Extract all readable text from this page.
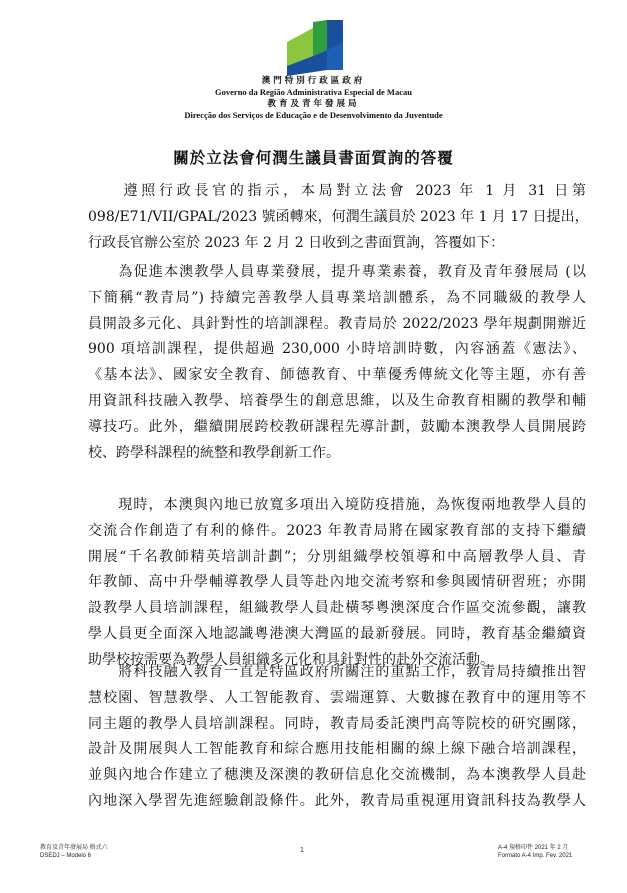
澳門特別行政區政府
Governo da Região Administrativa Especial de Macau
教育及青年發展局
Direcção dos Serviços de Educação e de Desenvolvimento da Juventude
關於立法會何潤生議員書面質詢的答覆
　　遵照行政長官的指示，本局對立法會 2023 年 1 月 31 日第
098/E71/VII/GPAL/2023 號函轉來，何潤生議員於 2023 年 1 月 17 日提出，
行政長官辦公室於 2023 年 2 月 2 日收到之書面質詢，答覆如下：
　　為促進本澳教學人員專業發展，提升專業素養，教育及青年發展局 (以
下簡稱“教青局”) 持續完善教學人員專業培訓體系，為不同職級的教學人
員開設多元化、具針對性的培訓課程。教青局於 2022/2023 學年規劃開辦近
900 項培訓課程，提供超過 230,000 小時培訓時數，內容涵蓋《憲法》、
《基本法》、國家安全教育、師德教育、中華優秀傳統文化等主題，亦有善
用資訊科技融入教學、培養學生的創意思維，以及生命教育相關的教學和輔
導技巧。此外，繼續開展跨校教研課程先導計劃，鼓勵本澳教學人員開展跨
校、跨學科課程的統整和教學創新工作。
　　現時，本澳與內地已放寬多項出入境防疫措施，為恢復兩地教學人員的
交流合作創造了有利的條件。2023 年教青局將在國家教育部的支持下繼續
開展“千名教師精英培訓計劃”；分別組織學校領導和中高層教學人員、青
年教師、高中升學輔導教學人員等赴內地交流考察和參與國情研習班；亦開
設教學人員培訓課程，組織教學人員赴橫琴粵澳深度合作區交流參觀，讓教
學人員更全面深入地認識粵港澳大灣區的最新發展。同時，教育基金繼續資
助學校按需要為教學人員組織多元化和具針對性的赴外交流活動。
　　將科技融入教育一直是特區政府所關注的重點工作，教青局持續推出智
慧校園、智慧教學、人工智能教育、雲端運算、大數據在教育中的運用等不
同主題的教學人員培訓課程。同時，教青局委託澳門高等院校的研究團隊，
設計及開展與人工智能教育和綜合應用技能相關的線上線下融合培訓課程，
並與內地合作建立了穗澳及深澳的教研信息化交流機制，為本澳教學人員赴
內地深入學習先進經驗創設條件。此外，教青局重視運用資訊科技為教學人
教育及青年發展局 格式六
DSEDJ – Modelo 6
1	A-4 規格印件 2021 年 2 月
Formato A-4 Imp. Fev. 2021
